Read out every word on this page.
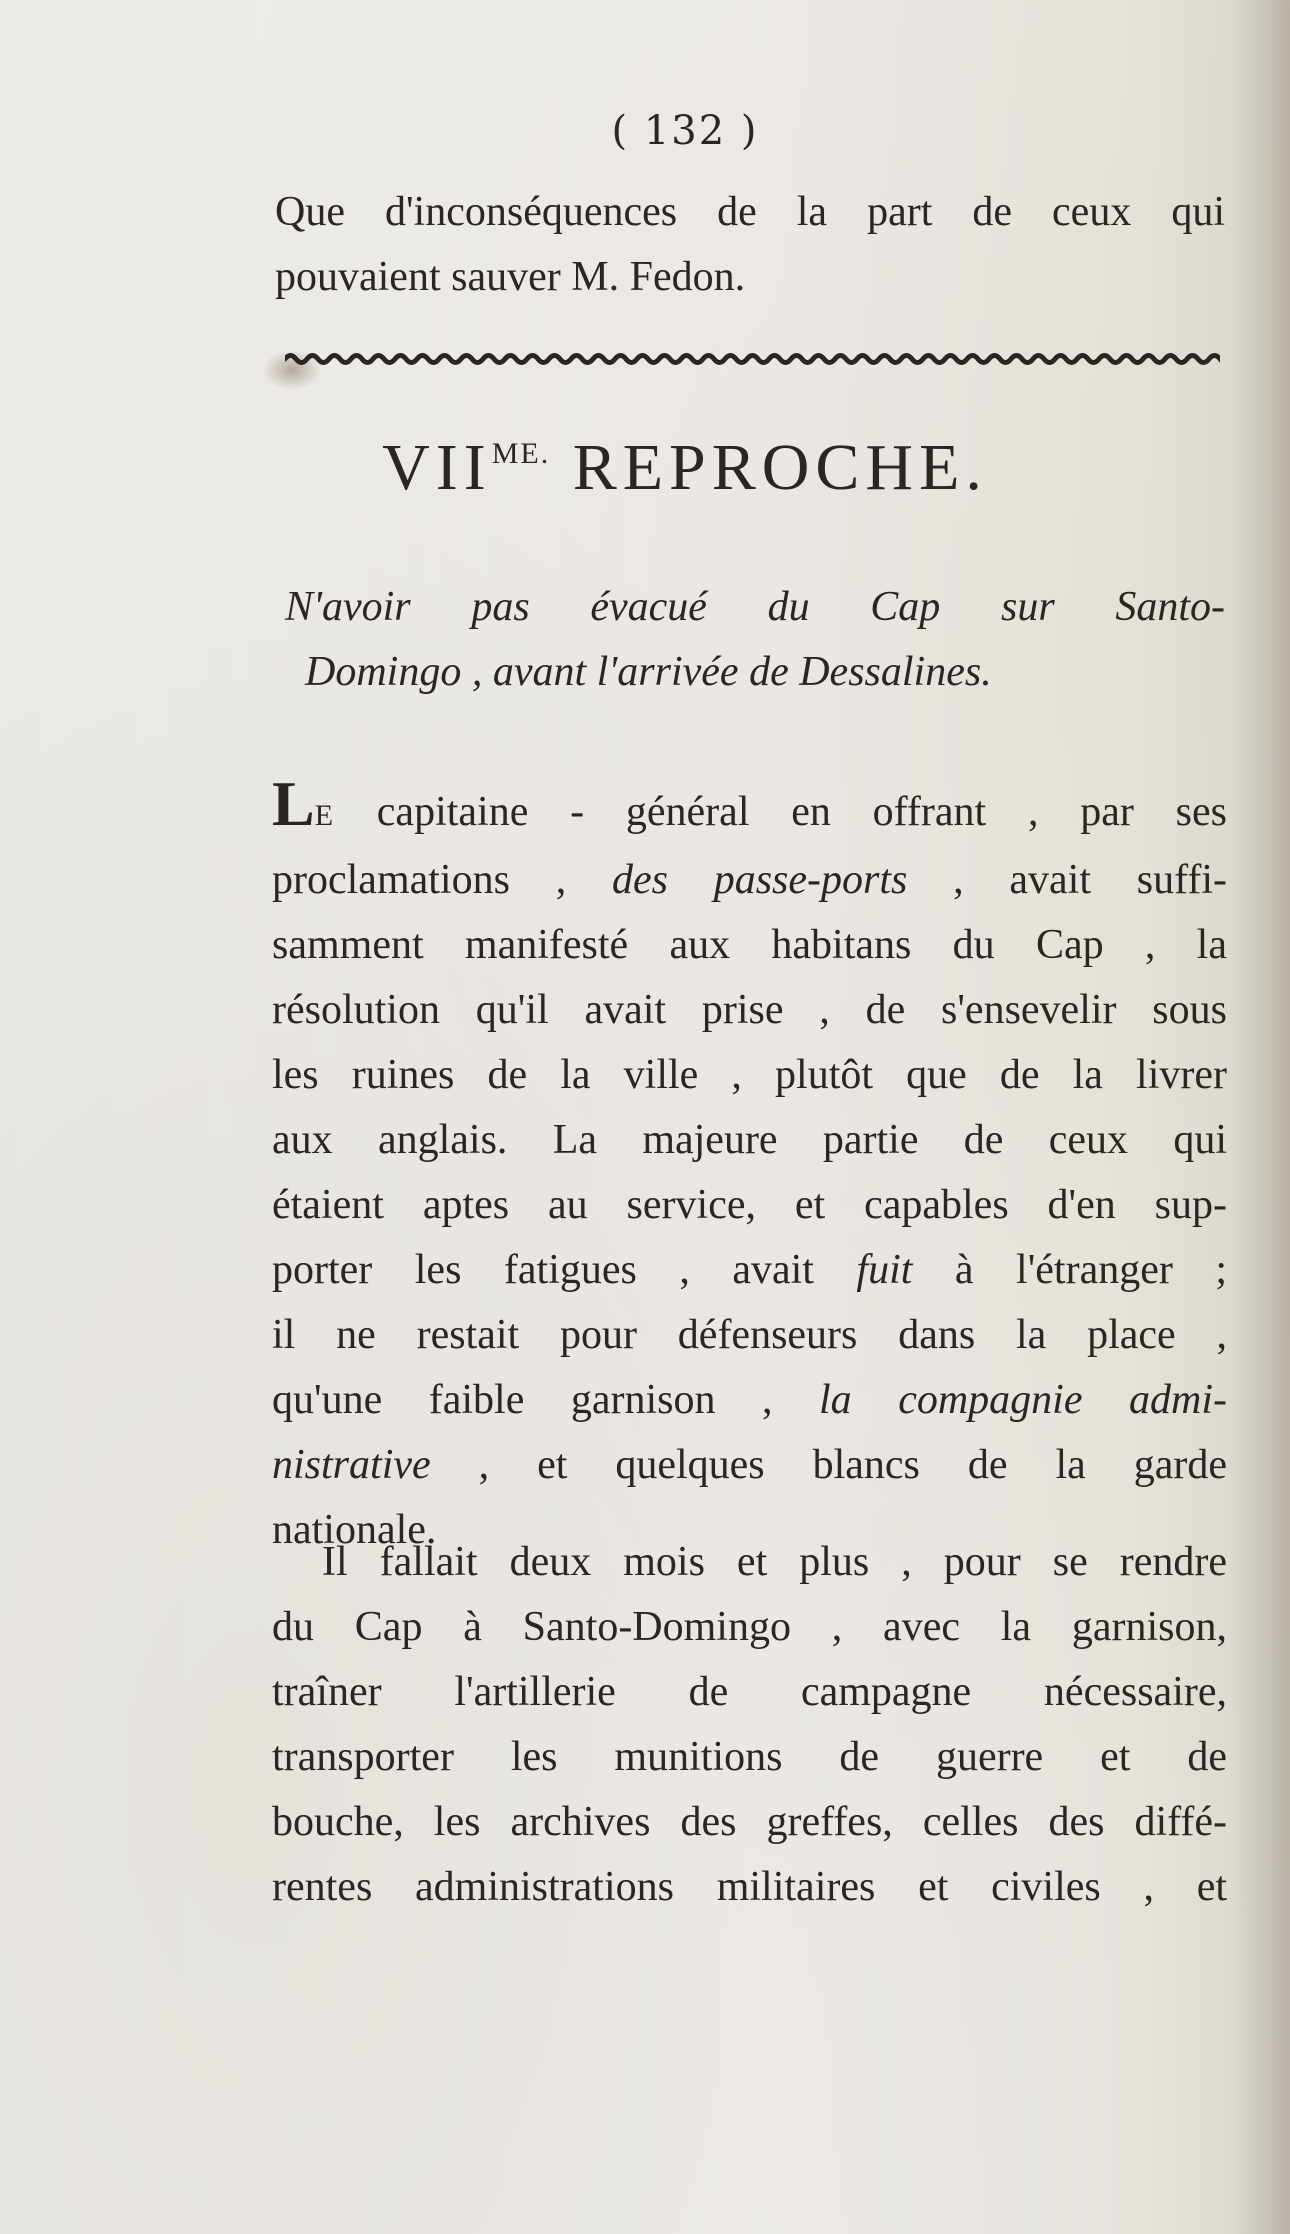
( 132 )
Que d'inconséquences de la part de ceux qui
pouvaient sauver M. Fedon.
$VII^{ME.}$ REPROCHE.
N'avoir pas évacué du Cap sur Santo-
Domingo , avant l'arrivée de Dessalines.
LE capitaine - général en offrant , par ses
proclamations , des passe-ports , avait suffi-
samment manifesté aux habitans du Cap , la
résolution qu'il avait prise , de s'ensevelir sous
les ruines de la ville , plutôt que de la livrer
aux anglais. La majeure partie de ceux qui
étaient aptes au service, et capables d'en sup-
porter les fatigues , avait fuit à l'étranger ;
il ne restait pour défenseurs dans la place ,
qu'une faible garnison , la compagnie admi-
nistrative , et quelques blancs de la garde
nationale.
Il fallait deux mois et plus , pour se rendre
du Cap à Santo-Domingo , avec la garnison,
traîner l'artillerie de campagne nécessaire,
transporter les munitions de guerre et de
bouche, les archives des greffes, celles des diffé-
rentes administrations militaires et civiles , et
